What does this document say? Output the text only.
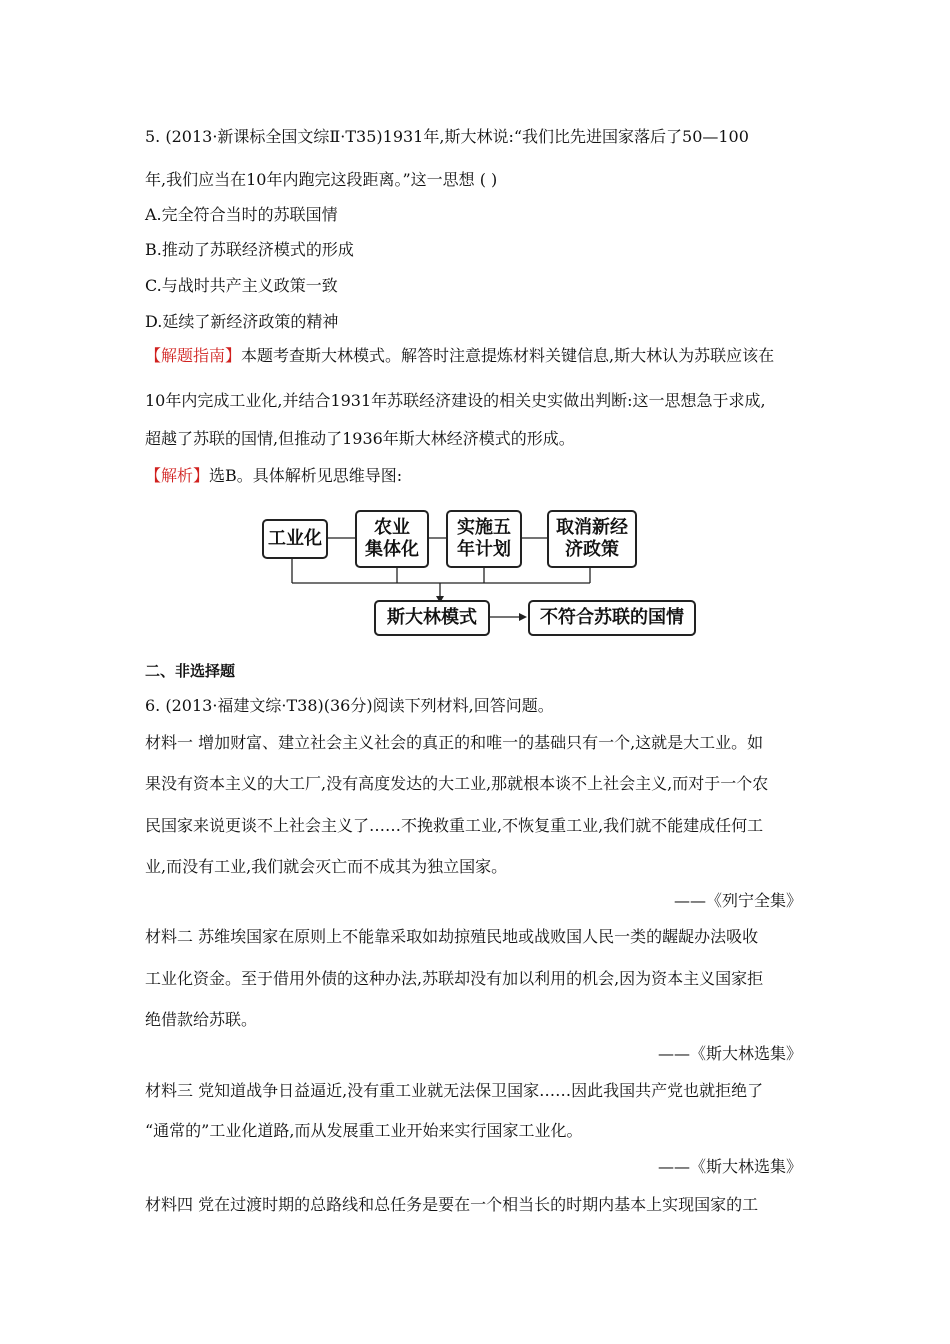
5. (2013·新课标全国文综Ⅱ·T35)1931年,斯大林说:“我们比先进国家落后了50—100
年,我们应当在10年内跑完这段距离。”这一思想 ( )
A.完全符合当时的苏联国情
B.推动了苏联经济模式的形成
C.与战时共产主义政策一致
D.延续了新经济政策的精神
【解题指南】本题考查斯大林模式。解答时注意提炼材料关键信息,斯大林认为苏联应该在
10年内完成工业化,并结合1931年苏联经济建设的相关史实做出判断:这一思想急于求成,
超越了苏联的国情,但推动了1936年斯大林经济模式的形成。
【解析】选B。具体解析见思维导图:
工业化
农业
集体化
实施五
年计划
取消新经
济政策
斯大林模式	不符合苏联的国情
二、非选择题
6. (2013·福建文综·T38)(36分)阅读下列材料,回答问题。
材料一 增加财富、建立社会主义社会的真正的和唯一的基础只有一个,这就是大工业。如
果没有资本主义的大工厂,没有高度发达的大工业,那就根本谈不上社会主义,而对于一个农
民国家来说更谈不上社会主义了……不挽救重工业,不恢复重工业,我们就不能建成任何工
业,而没有工业,我们就会灭亡而不成其为独立国家。
——《列宁全集》
材料二 苏维埃国家在原则上不能靠采取如劫掠殖民地或战败国人民一类的龌龊办法吸收
工业化资金。至于借用外债的这种办法,苏联却没有加以利用的机会,因为资本主义国家拒
绝借款给苏联。
——《斯大林选集》
材料三 党知道战争日益逼近,没有重工业就无法保卫国家……因此我国共产党也就拒绝了
“通常的”工业化道路,而从发展重工业开始来实行国家工业化。
——《斯大林选集》
材料四 党在过渡时期的总路线和总任务是要在一个相当长的时期内基本上实现国家的工
